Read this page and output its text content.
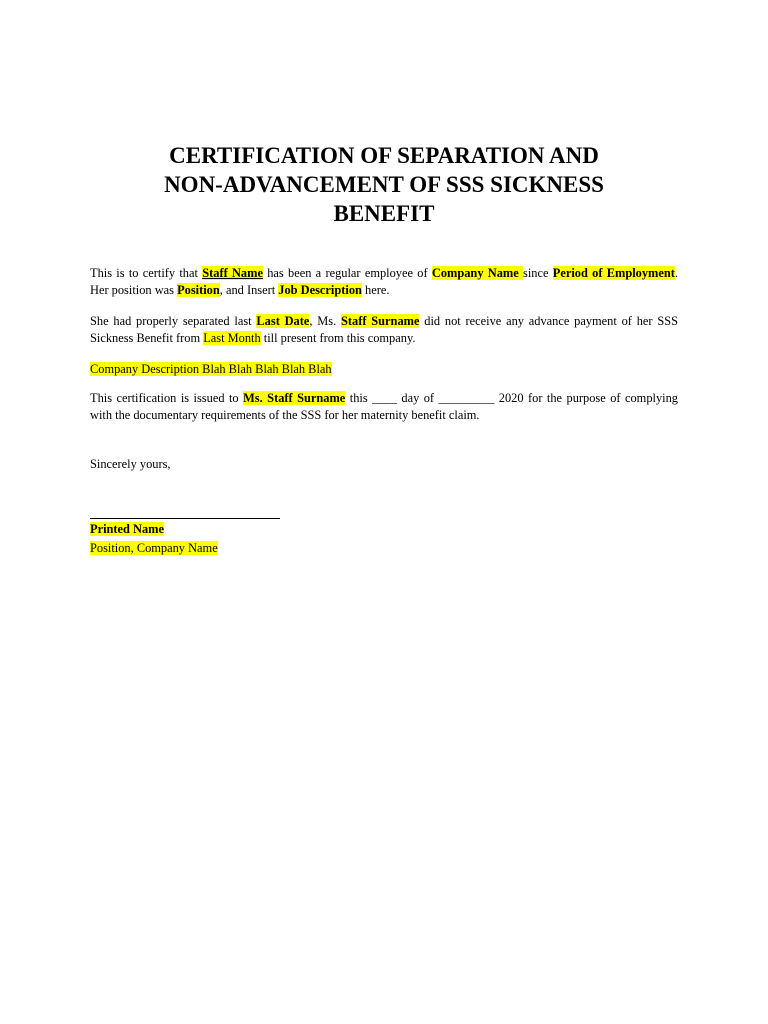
CERTIFICATION OF SEPARATION AND
NON-ADVANCEMENT OF SSS SICKNESS
BENEFIT
This is to certify that Staff Name has been a regular employee of Company Name since Period of Employment.
Her position was Position, and Insert Job Description here.
She had properly separated last Last Date, Ms. Staff Surname did not receive any advance payment of her SSS
Sickness Benefit from Last Month till present from this company.
Company Description Blah Blah Blah Blah Blah
This certification is issued to Ms. Staff Surname this ____ day of _________ 2020 for the purpose of complying
with the documentary requirements of the SSS for her maternity benefit claim.
Sincerely yours,
Printed Name
Position, Company Name
